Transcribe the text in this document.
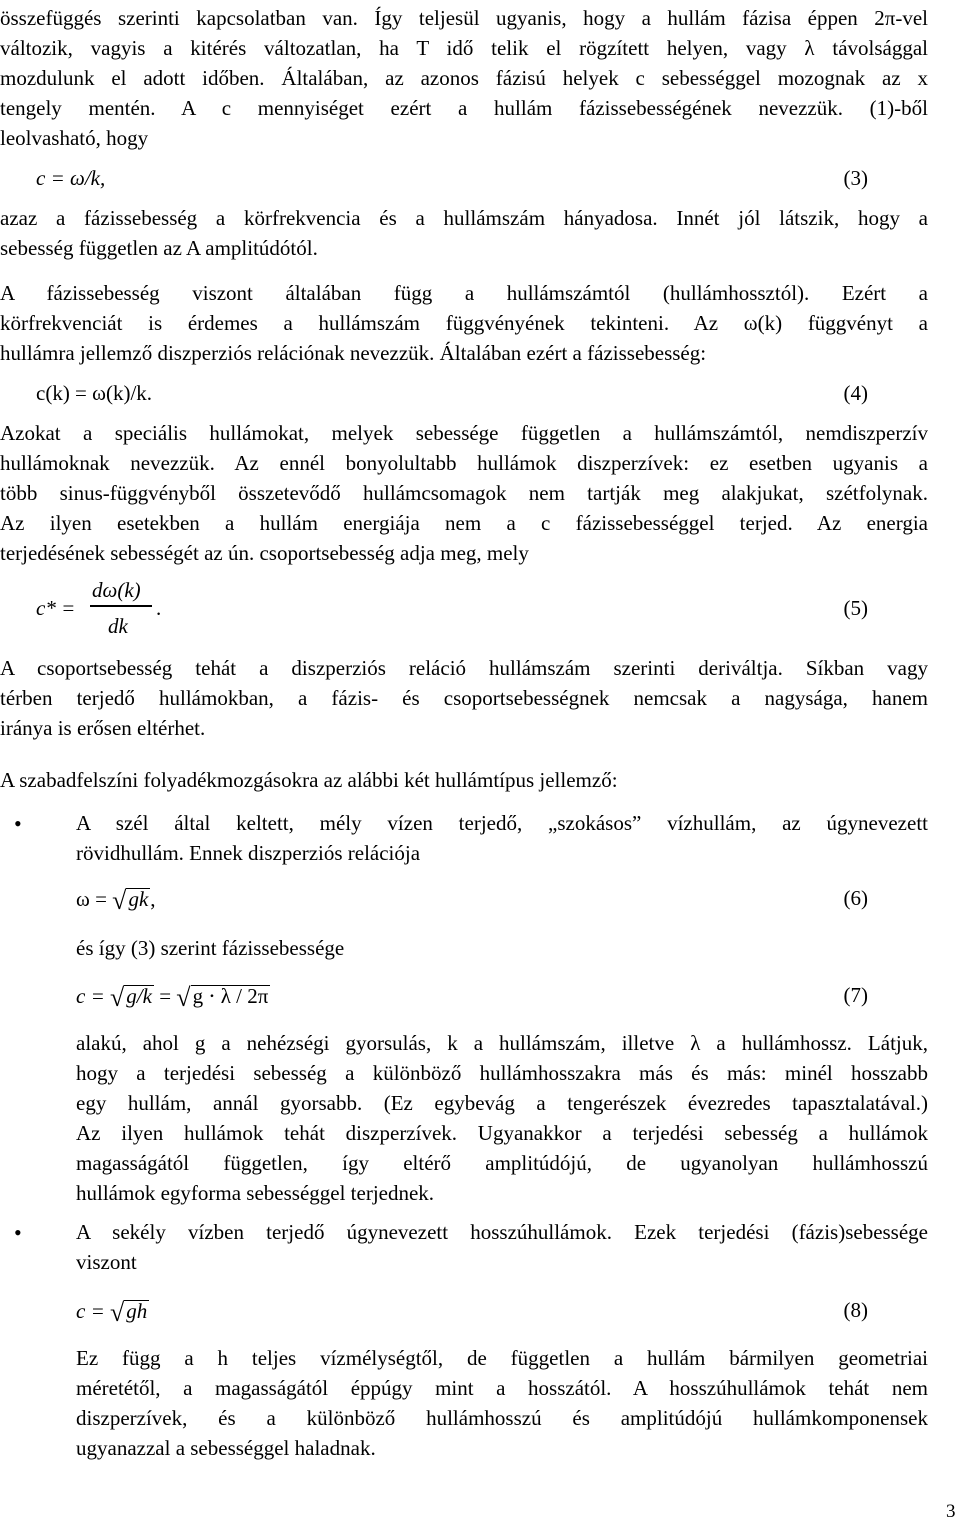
összefüggés szerinti kapcsolatban van. Így teljesül ugyanis, hogy a hullám fázisa éppen 2π-vel
változik, vagyis a kitérés változatlan, ha T idő telik el rögzített helyen, vagy λ távolsággal
mozdulunk el adott időben. Általában, az azonos fázisú helyek c sebességgel mozognak az x
tengely mentén. A c mennyiséget ezért a hullám fázissebességének nevezzük. (1)-ből
leolvasható, hogy
c = ω/k,	(3)
azaz a fázissebesség a körfrekvencia és a hullámszám hányadosa. Innét jól látszik, hogy a
sebesség független az A amplitúdótól.
A fázissebesség viszont általában függ a hullámszámtól (hullámhossztól). Ezért a
körfrekvenciát is érdemes a hullámszám függvényének tekinteni. Az ω(k) függvényt a
hullámra jellemző diszperziós relációnak nevezzük. Általában ezért a fázissebesség:
c(k) = ω(k)/k.	(4)
Azokat a speciális hullámokat, melyek sebessége független a hullámszámtól, nemdiszperzív
hullámoknak nevezzük. Az ennél bonyolultabb hullámok diszperzívek: ez esetben ugyanis a
több sinus-függvényből összetevődő hullámcsomagok nem tartják meg alakjukat, szétfolynak.
Az ilyen esetekben a hullám energiája nem a c fázissebességgel terjed. Az energia
terjedésének sebességét az ún. csoportsebesség adja meg, mely
c* =
dω(k)
dk
.	(5)
A csoportsebesség tehát a diszperziós reláció hullámszám szerinti deriváltja. Síkban vagy
térben terjedő hullámokban, a fázis- és csoportsebességnek nemcsak a nagysága, hanem
iránya is erősen eltérhet.
A szabadfelszíni folyadékmozgásokra az alábbi két hullámtípus jellemző:
•	A szél által keltett, mély vízen terjedő, „szokásos” vízhullám, az úgynevezett
rövidhullám. Ennek diszperziós relációja
ω = √gk,	(6)
és így (3) szerint fázissebessége
c = √g/k = √g ⋅ λ / 2π	(7)
alakú, ahol g a nehézségi gyorsulás, k a hullámszám, illetve λ a hullámhossz. Látjuk,
hogy a terjedési sebesség a különböző hullámhosszakra más és más: minél hosszabb
egy hullám, annál gyorsabb. (Ez egybevág a tengerészek évezredes tapasztalatával.)
Az ilyen hullámok tehát diszperzívek. Ugyanakkor a terjedési sebesség a hullámok
magasságától független, így eltérő amplitúdójú, de ugyanolyan hullámhosszú
hullámok egyforma sebességgel terjednek.
•	A sekély vízben terjedő úgynevezett hosszúhullámok. Ezek terjedési (fázis)sebessége
viszont
c = √gh	(8)
Ez függ a h teljes vízmélységtől, de független a hullám bármilyen geometriai
méretétől, a magasságától éppúgy mint a hosszától. A hosszúhullámok tehát nem
diszperzívek, és a különböző hullámhosszú és amplitúdójú hullámkomponensek
ugyanazzal a sebességgel haladnak.
3
